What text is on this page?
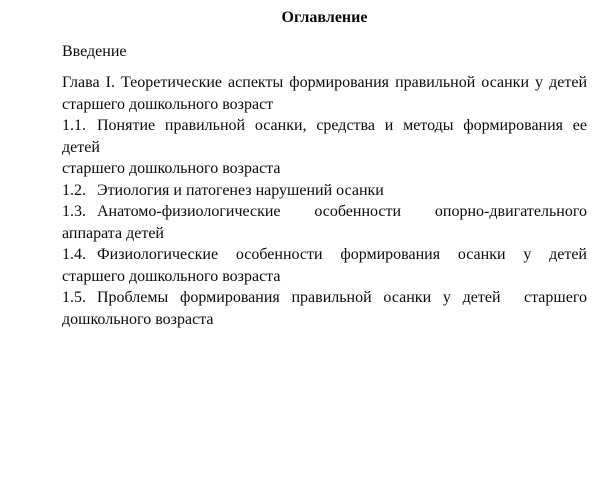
Оглавление
Введение
Глава I. Теоретические аспекты формирования правильной осанки у детей
старшего дошкольного возраст
1.1. Понятие правильной осанки, средства и методы формирования ее детей
старшего дошкольного возраста
1.2. Этиология и патогенез нарушений осанки
1.3. Анатомо-физиологические особенности опорно-двигательного
аппарата детей
1.4. Физиологические особенности формирования осанки у детей
старшего дошкольного возраста
1.5. Проблемы формирования правильной осанки у детей  старшего
дошкольного возраста
